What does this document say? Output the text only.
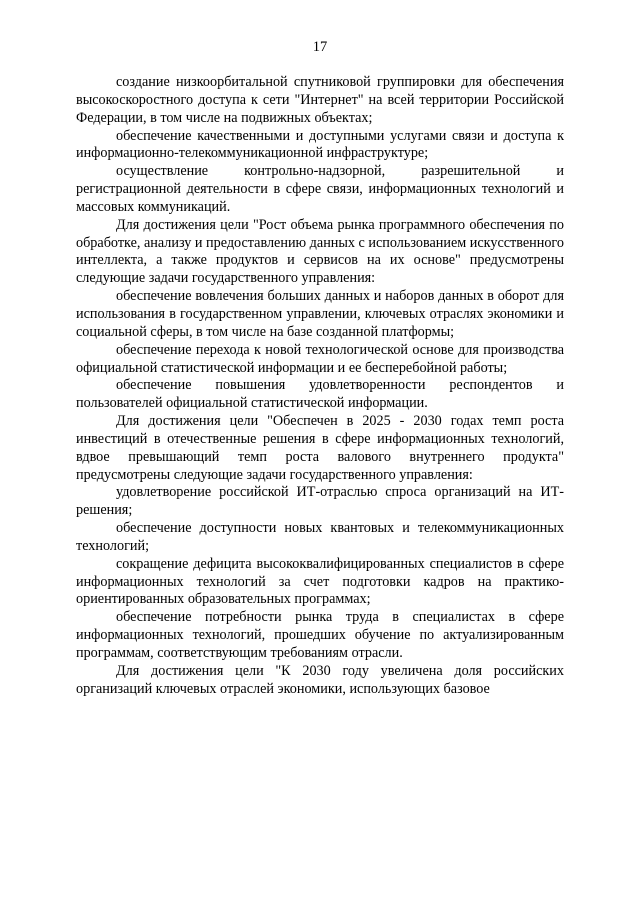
17

создание низкоорбитальной спутниковой группировки для обеспечения высокоскоростного доступа к сети "Интернет" на всей территории Российской Федерации, в том числе на подвижных объектах;

обеспечение качественными и доступными услугами связи и доступа к информационно-телекоммуникационной инфраструктуре;

осуществление контрольно-надзорной, разрешительной и регистрационной деятельности в сфере связи, информационных технологий и массовых коммуникаций.

Для достижения цели "Рост объема рынка программного обеспечения по обработке, анализу и предоставлению данных с использованием искусственного интеллекта, а также продуктов и сервисов на их основе" предусмотрены следующие задачи государственного управления:

обеспечение вовлечения больших данных и наборов данных в оборот для использования в государственном управлении, ключевых отраслях экономики и социальной сферы, в том числе на базе созданной платформы;

обеспечение перехода к новой технологической основе для производства официальной статистической информации и ее бесперебойной работы;

обеспечение повышения удовлетворенности респондентов и пользователей официальной статистической информации.

Для достижения цели "Обеспечен в 2025 - 2030 годах темп роста инвестиций в отечественные решения в сфере информационных технологий, вдвое превышающий темп роста валового внутреннего продукта" предусмотрены следующие задачи государственного управления:

удовлетворение российской ИТ-отраслью спроса организаций на ИТ-решения;

обеспечение доступности новых квантовых и телекоммуникационных технологий;

сокращение дефицита высококвалифицированных специалистов в сфере информационных технологий за счет подготовки кадров на практико-ориентированных образовательных программах;

обеспечение потребности рынка труда в специалистах в сфере информационных технологий, прошедших обучение по актуализированным программам, соответствующим требованиям отрасли.

Для достижения цели "К 2030 году увеличена доля российских организаций ключевых отраслей экономики, использующих базовое
